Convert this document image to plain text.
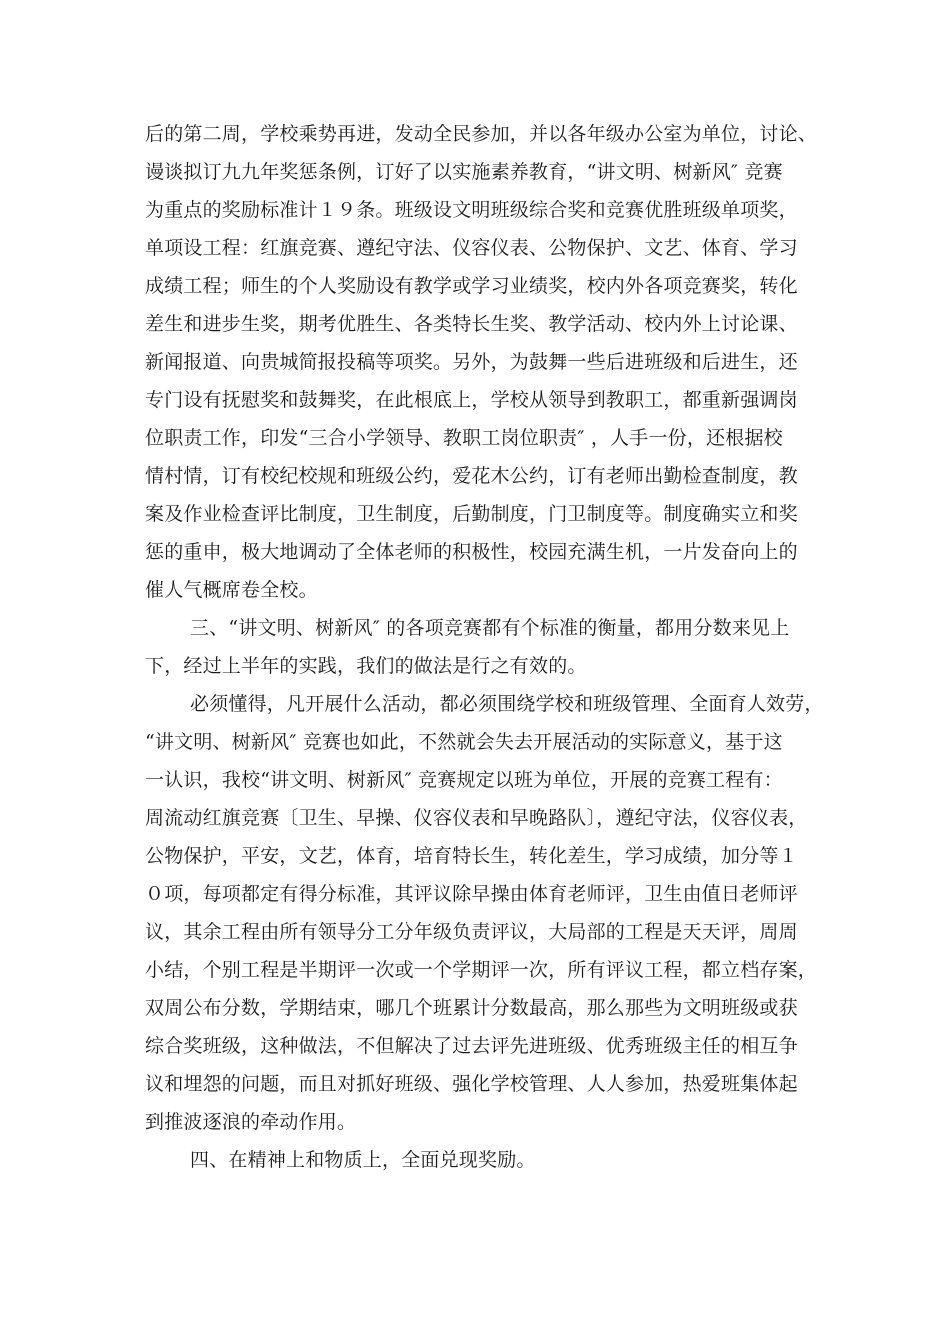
后的第二周，学校乘势再进，发动全民参加，并以各年级办公室为单位，讨论、
谩谈拟订九九年奖惩条例，订好了以实施素养教育，“讲文明、树新风″ 竞赛
为重点的奖励标准计１９条。班级设文明班级综合奖和竞赛优胜班级单项奖，
单项设工程：红旗竞赛、遵纪守法、仪容仪表、公物保护、文艺、体育、学习
成绩工程；师生的个人奖励设有教学或学习业绩奖，校内外各项竞赛奖，转化
差生和进步生奖，期考优胜生、各类特长生奖、教学活动、校内外上讨论课、
新闻报道、向贵城简报投稿等项奖。另外，为鼓舞一些后进班级和后进生，还
专门设有抚慰奖和鼓舞奖，在此根底上，学校从领导到教职工，都重新强调岗
位职责工作，印发“三合小学领导、教职工岗位职责″ ，人手一份，还根据校
情村情，订有校纪校规和班级公约，爱花木公约，订有老师出勤检查制度，教
案及作业检查评比制度，卫生制度，后勤制度，门卫制度等。制度确实立和奖
惩的重申，极大地调动了全体老师的积极性，校园充满生机，一片发奋向上的
催人气概席卷全校。
三、“讲文明、树新风″ 的各项竞赛都有个标准的衡量，都用分数来见上
下，经过上半年的实践，我们的做法是行之有效的。
必须懂得，凡开展什么活动，都必须围绕学校和班级管理、全面育人效劳，
“讲文明、树新风″ 竞赛也如此，不然就会失去开展活动的实际意义，基于这
一认识，我校“讲文明、树新风″ 竞赛规定以班为单位，开展的竞赛工程有：
周流动红旗竞赛〔卫生、早操、仪容仪表和早晚路队〕，遵纪守法，仪容仪表，
公物保护，平安，文艺，体育，培育特长生，转化差生，学习成绩，加分等１
０项，每项都定有得分标准，其评议除早操由体育老师评，卫生由值日老师评
议，其余工程由所有领导分工分年级负责评议，大局部的工程是天天评，周周
小结，个别工程是半期评一次或一个学期评一次，所有评议工程，都立档存案，
双周公布分数，学期结束，哪几个班累计分数最高，那么那些为文明班级或获
综合奖班级，这种做法，不但解决了过去评先进班级、优秀班级主任的相互争
议和埋怨的问题，而且对抓好班级、强化学校管理、人人参加，热爱班集体起
到推波逐浪的牵动作用。
四、在精神上和物质上，全面兑现奖励。
